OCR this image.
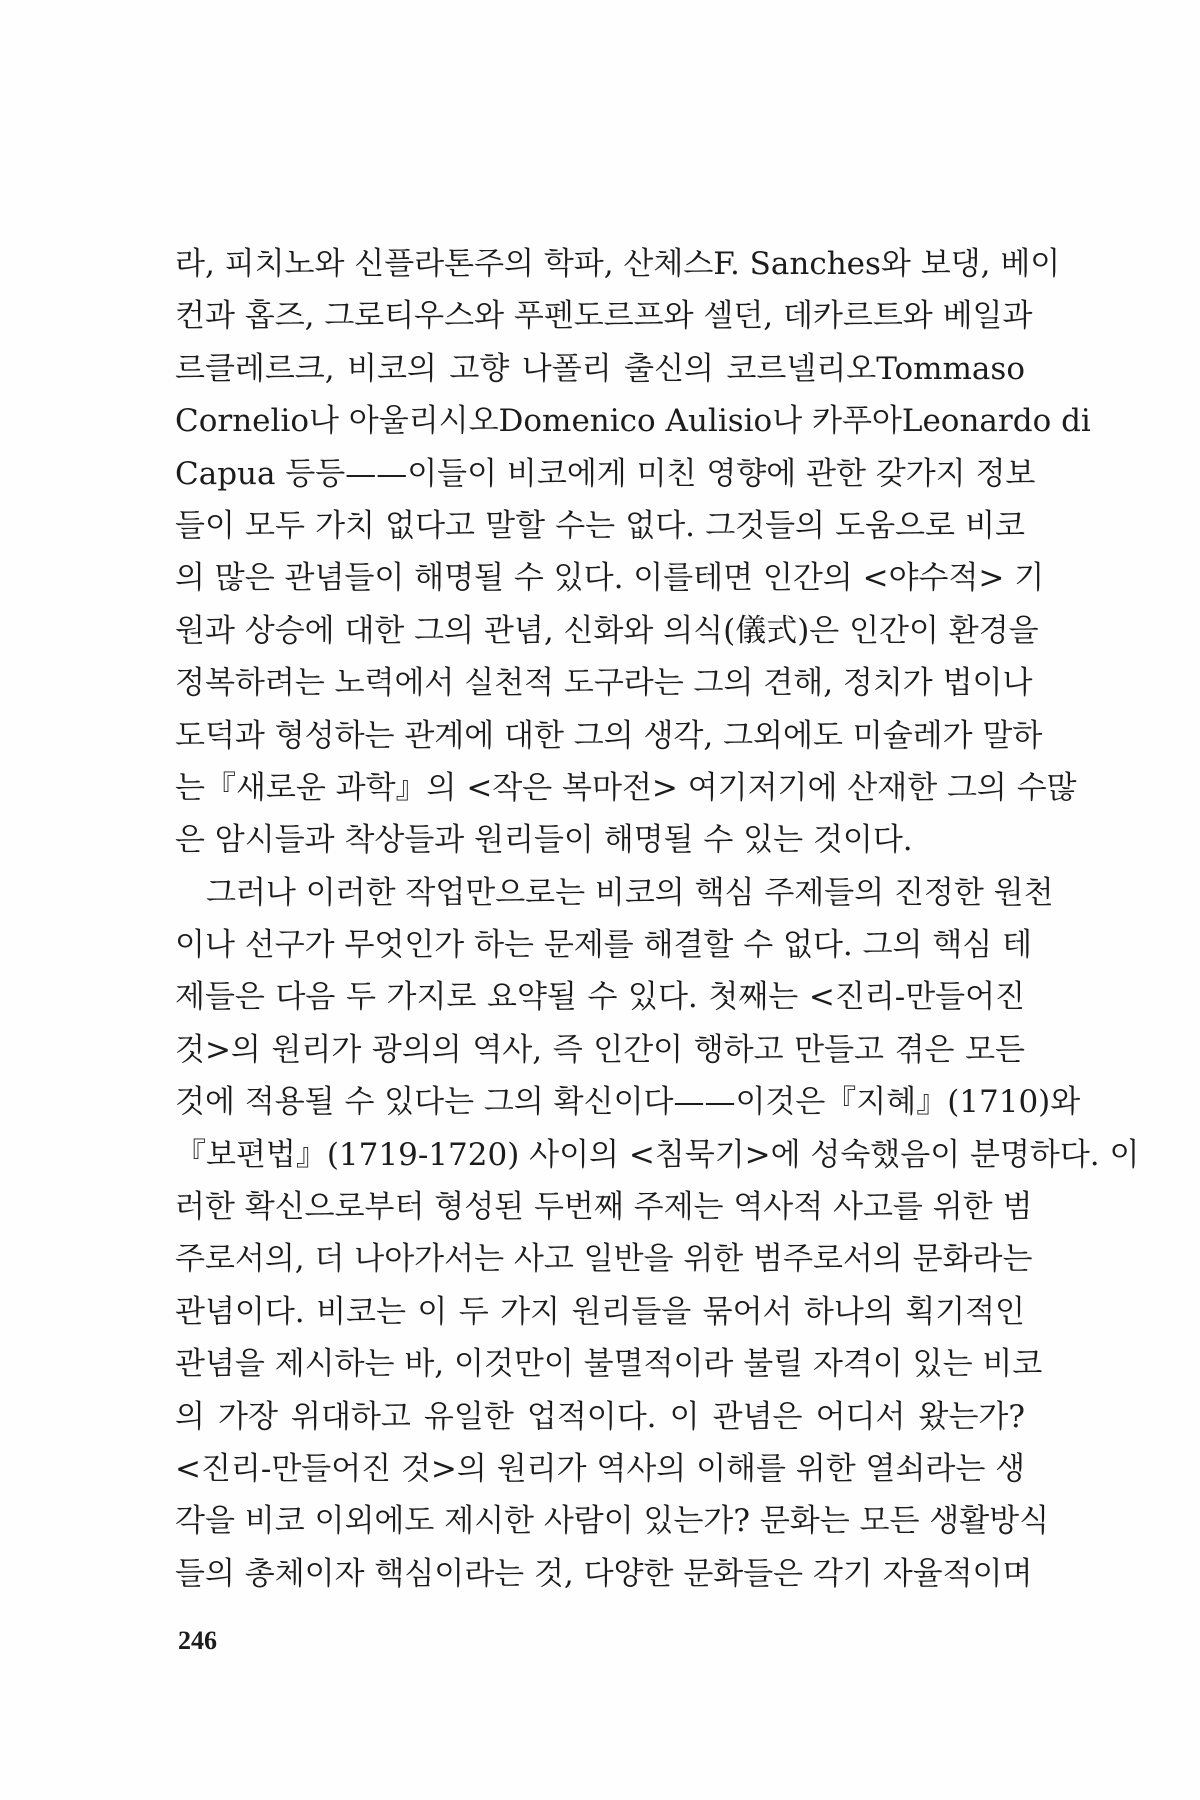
라, 피치노와 신플라톤주의 학파, 산체스F. Sanches와 보댕, 베이
컨과 홉즈, 그로티우스와 푸펜도르프와 셀던, 데카르트와 베일과
르클레르크, 비코의 고향 나폴리 출신의 코르넬리오Tommaso
Cornelio나 아울리시오Domenico Aulisio나 카푸아Leonardo di
Capua 등등——이들이 비코에게 미친 영향에 관한 갖가지 정보
들이 모두 가치 없다고 말할 수는 없다. 그것들의 도움으로 비코
의 많은 관념들이 해명될 수 있다. 이를테면 인간의 <야수적> 기
원과 상승에 대한 그의 관념, 신화와 의식(儀式)은 인간이 환경을
정복하려는 노력에서 실천적 도구라는 그의 견해, 정치가 법이나
도덕과 형성하는 관계에 대한 그의 생각, 그외에도 미슐레가 말하
는『새로운 과학』의 <작은 복마전> 여기저기에 산재한 그의 수많
은 암시들과 착상들과 원리들이 해명될 수 있는 것이다.
그러나 이러한 작업만으로는 비코의 핵심 주제들의 진정한 원천
이나 선구가 무엇인가 하는 문제를 해결할 수 없다. 그의 핵심 테
제들은 다음 두 가지로 요약될 수 있다. 첫째는 <진리-만들어진
것>의 원리가 광의의 역사, 즉 인간이 행하고 만들고 겪은 모든
것에 적용될 수 있다는 그의 확신이다——이것은『지혜』(1710)와
『보편법』(1719-1720) 사이의 <침묵기>에 성숙했음이 분명하다. 이
러한 확신으로부터 형성된 두번째 주제는 역사적 사고를 위한 범
주로서의, 더 나아가서는 사고 일반을 위한 범주로서의 문화라는
관념이다. 비코는 이 두 가지 원리들을 묶어서 하나의 획기적인
관념을 제시하는 바, 이것만이 불멸적이라 불릴 자격이 있는 비코
의 가장 위대하고 유일한 업적이다. 이 관념은 어디서 왔는가?
<진리-만들어진 것>의 원리가 역사의 이해를 위한 열쇠라는 생
각을 비코 이외에도 제시한 사람이 있는가? 문화는 모든 생활방식
들의 총체이자 핵심이라는 것, 다양한 문화들은 각기 자율적이며
246
